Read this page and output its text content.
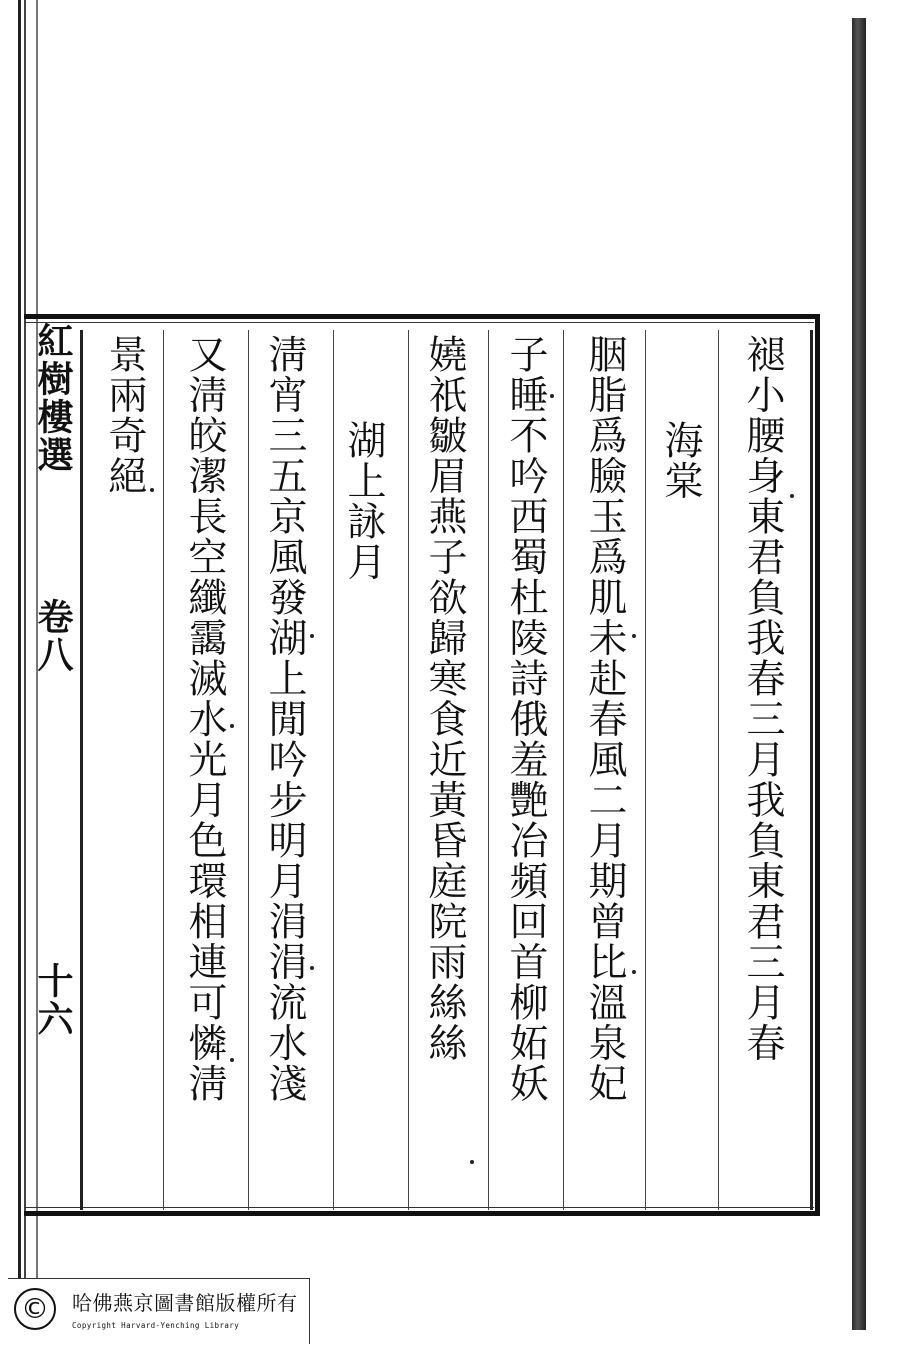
褪小腰身東君負我春三月我負東君三月春
海棠
胭脂爲臉玉爲肌未赴春風二月期曾比溫泉妃
子睡不吟西蜀杜陵詩俄羞艷冶頻回首柳妬妖
嬈祇皺眉燕子欲歸寒食近黃昏庭院雨絲絲
湖上詠月
淸宵三五京風發湖上閒吟步明月涓涓流水淺
又淸皎潔長空纖靄滅水光月色環相連可憐淸
景兩奇絕
紅樹樓選
卷八
十六
©	哈佛燕京圖書館版權所有
Copyright Harvard-Yenching Library
